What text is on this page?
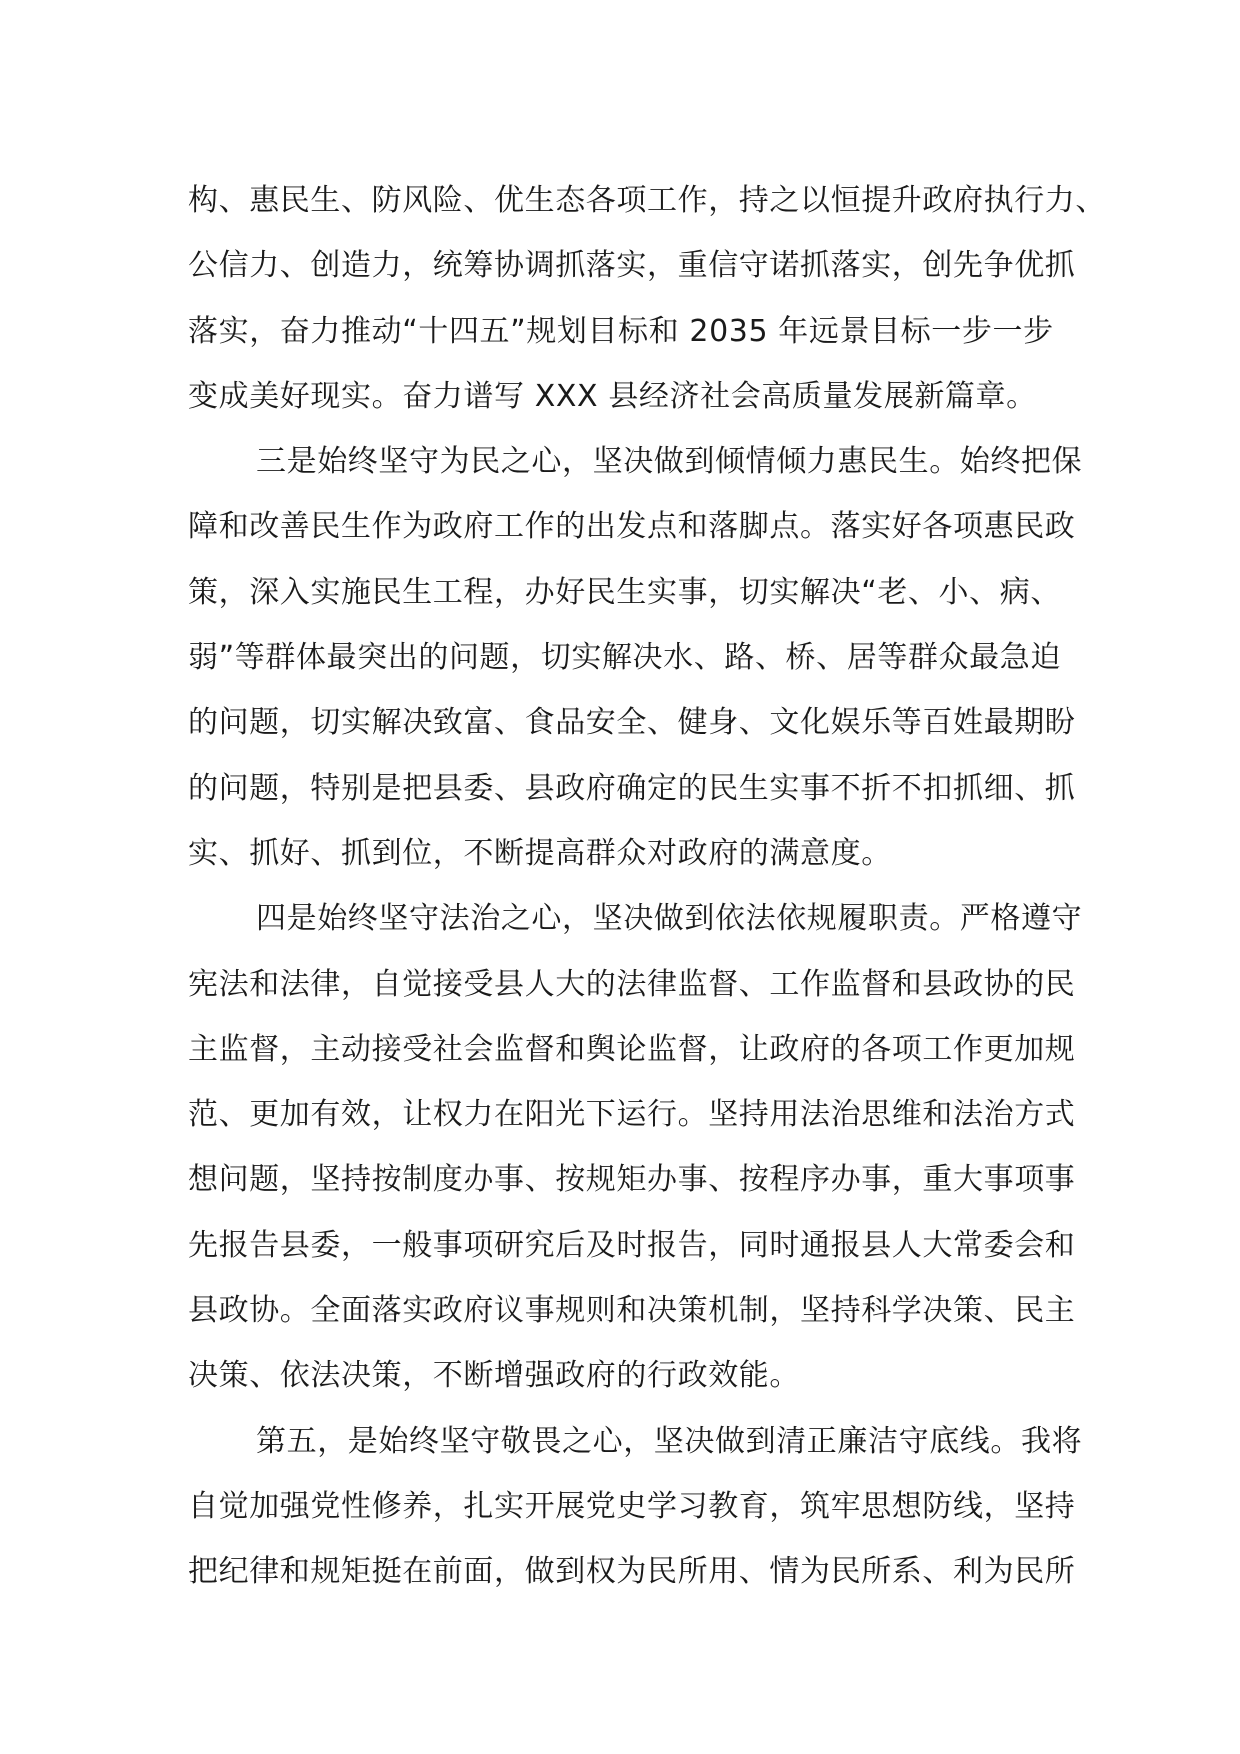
构、惠民生、防风险、优生态各项工作，持之以恒提升政府执行力、
公信力、创造力，统筹协调抓落实，重信守诺抓落实，创先争优抓
落实，奋力推动“十四五”规划目标和 2035 年远景目标一步一步
变成美好现实。奋力谱写 XXX 县经济社会高质量发展新篇章。
三是始终坚守为民之心，坚决做到倾情倾力惠民生。始终把保
障和改善民生作为政府工作的出发点和落脚点。落实好各项惠民政
策，深入实施民生工程，办好民生实事，切实解决“老、小、病、
弱”等群体最突出的问题，切实解决水、路、桥、居等群众最急迫
的问题，切实解决致富、食品安全、健身、文化娱乐等百姓最期盼
的问题，特别是把县委、县政府确定的民生实事不折不扣抓细、抓
实、抓好、抓到位，不断提高群众对政府的满意度。
四是始终坚守法治之心，坚决做到依法依规履职责。严格遵守
宪法和法律，自觉接受县人大的法律监督、工作监督和县政协的民
主监督，主动接受社会监督和舆论监督，让政府的各项工作更加规
范、更加有效，让权力在阳光下运行。坚持用法治思维和法治方式
想问题，坚持按制度办事、按规矩办事、按程序办事，重大事项事
先报告县委，一般事项研究后及时报告，同时通报县人大常委会和
县政协。全面落实政府议事规则和决策机制，坚持科学决策、民主
决策、依法决策，不断增强政府的行政效能。
第五，是始终坚守敬畏之心，坚决做到清正廉洁守底线。我将
自觉加强党性修养，扎实开展党史学习教育，筑牢思想防线，坚持
把纪律和规矩挺在前面，做到权为民所用、情为民所系、利为民所
